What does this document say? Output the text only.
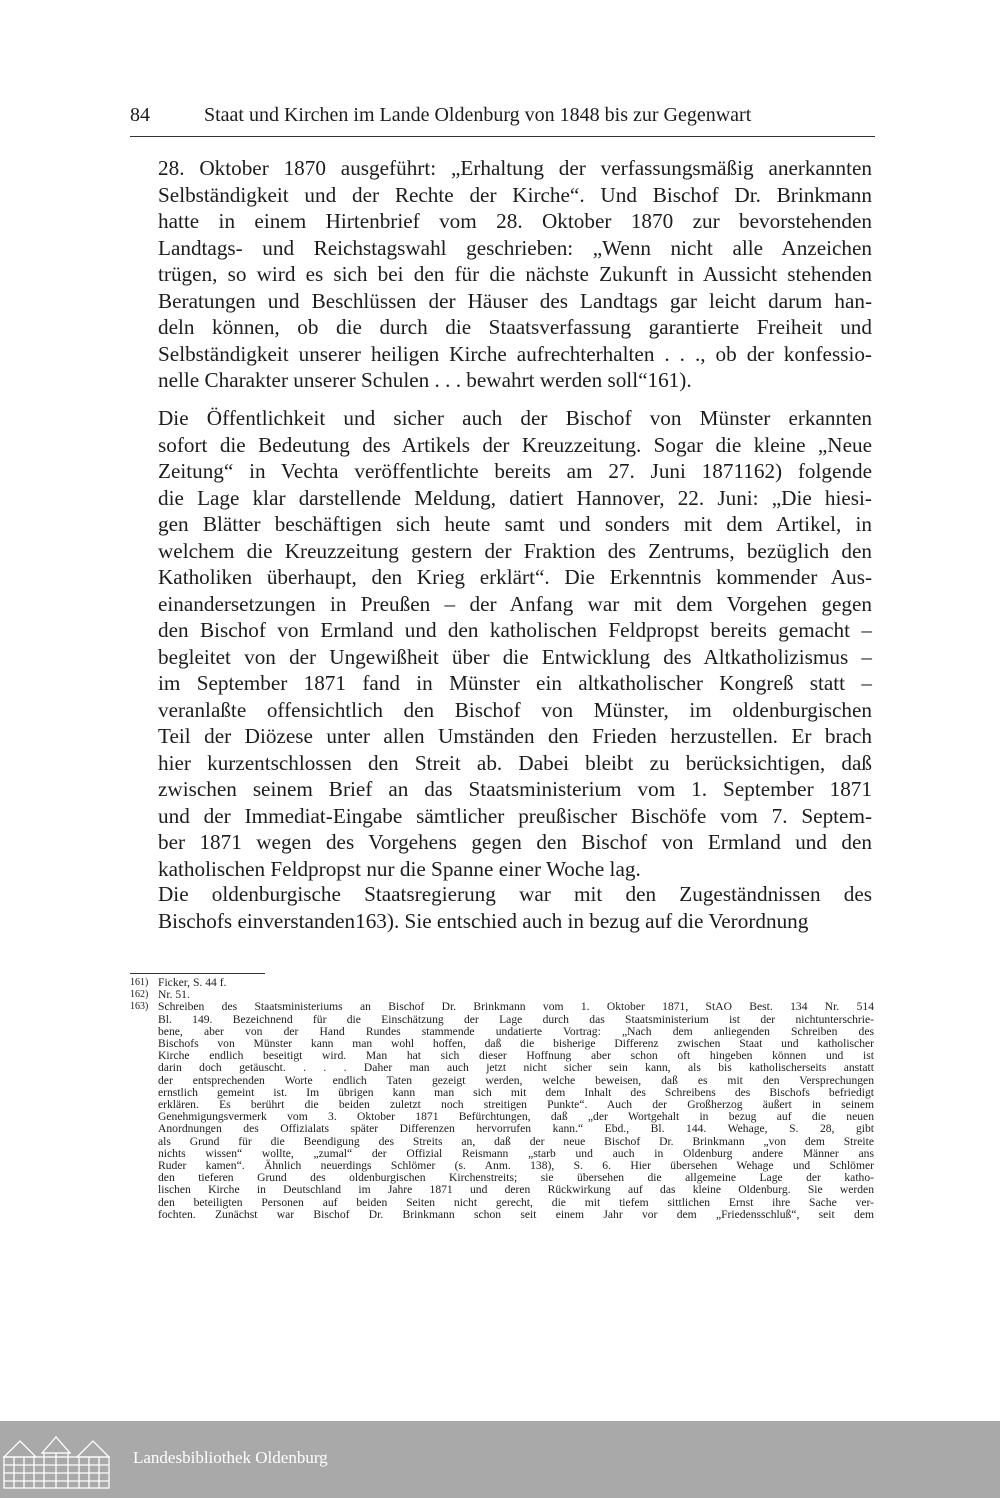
84	Staat und Kirchen im Lande Oldenburg von 1848 bis zur Gegenwart
28. Oktober 1870 ausgeführt: „Erhaltung der verfassungsmäßig anerkannten
Selbständigkeit und der Rechte der Kirche“. Und Bischof Dr. Brinkmann
hatte in einem Hirtenbrief vom 28. Oktober 1870 zur bevorstehenden
Landtags- und Reichstagswahl geschrieben: „Wenn nicht alle Anzeichen
trügen, so wird es sich bei den für die nächste Zukunft in Aussicht stehenden
Beratungen und Beschlüssen der Häuser des Landtags gar leicht darum han-
deln können, ob die durch die Staatsverfassung garantierte Freiheit und
Selbständigkeit unserer heiligen Kirche aufrechterhalten . . ., ob der konfessio-
nelle Charakter unserer Schulen . . . bewahrt werden soll“161).
Die Öffentlichkeit und sicher auch der Bischof von Münster erkannten
sofort die Bedeutung des Artikels der Kreuzzeitung. Sogar die kleine „Neue
Zeitung“ in Vechta veröffentlichte bereits am 27. Juni 1871162) folgende
die Lage klar darstellende Meldung, datiert Hannover, 22. Juni: „Die hiesi-
gen Blätter beschäftigen sich heute samt und sonders mit dem Artikel, in
welchem die Kreuzzeitung gestern der Fraktion des Zentrums, bezüglich den
Katholiken überhaupt, den Krieg erklärt“. Die Erkenntnis kommender Aus-
einandersetzungen in Preußen – der Anfang war mit dem Vorgehen gegen
den Bischof von Ermland und den katholischen Feldpropst bereits gemacht –
begleitet von der Ungewißheit über die Entwicklung des Altkatholizismus –
im September 1871 fand in Münster ein altkatholischer Kongreß statt –
veranlaßte offensichtlich den Bischof von Münster, im oldenburgischen
Teil der Diözese unter allen Umständen den Frieden herzustellen. Er brach
hier kurzentschlossen den Streit ab. Dabei bleibt zu berücksichtigen, daß
zwischen seinem Brief an das Staatsministerium vom 1. September 1871
und der Immediat-Eingabe sämtlicher preußischer Bischöfe vom 7. Septem-
ber 1871 wegen des Vorgehens gegen den Bischof von Ermland und den
katholischen Feldpropst nur die Spanne einer Woche lag.
Die oldenburgische Staatsregierung war mit den Zugeständnissen des
Bischofs einverstanden163). Sie entschied auch in bezug auf die Verordnung
161) Ficker, S. 44 f.
162) Nr. 51.
163) Schreiben des Staatsministeriums an Bischof Dr. Brinkmann vom 1. Oktober 1871, StAO Best. 134 Nr. 514
Bl. 149. Bezeichnend für die Einschätzung der Lage durch das Staatsministerium ist der nichtunterschrie-
bene, aber von der Hand Rundes stammende undatierte Vortrag: „Nach dem anliegenden Schreiben des
Bischofs von Münster kann man wohl hoffen, daß die bisherige Differenz zwischen Staat und katholischer
Kirche endlich beseitigt wird. Man hat sich dieser Hoffnung aber schon oft hingeben können und ist
darin doch getäuscht. . . . Daher man auch jetzt nicht sicher sein kann, als bis katholischerseits anstatt
der entsprechenden Worte endlich Taten gezeigt werden, welche beweisen, daß es mit den Versprechungen
ernstlich gemeint ist. Im übrigen kann man sich mit dem Inhalt des Schreibens des Bischofs befriedigt
erklären. Es berührt die beiden zuletzt noch streitigen Punkte“. Auch der Großherzog äußert in seinem
Genehmigungsvermerk vom 3. Oktober 1871 Befürchtungen, daß „der Wortgehalt in bezug auf die neuen
Anordnungen des Offizialats später Differenzen hervorrufen kann.“ Ebd., Bl. 144. Wehage, S. 28, gibt
als Grund für die Beendigung des Streits an, daß der neue Bischof Dr. Brinkmann „von dem Streite
nichts wissen“ wollte, „zumal“ der Offizial Reismann „starb und auch in Oldenburg andere Männer ans
Ruder kamen“. Ähnlich neuerdings Schlömer (s. Anm. 138), S. 6. Hier übersehen Wehage und Schlömer
den tieferen Grund des oldenburgischen Kirchenstreits; sie übersehen die allgemeine Lage der katho-
lischen Kirche in Deutschland im Jahre 1871 und deren Rückwirkung auf das kleine Oldenburg. Sie werden
den beteiligten Personen auf beiden Seiten nicht gerecht, die mit tiefem sittlichen Ernst ihre Sache ver-
fochten. Zunächst war Bischof Dr. Brinkmann schon seit einem Jahr vor dem „Friedensschluß“, seit dem
Landesbibliothek Oldenburg
